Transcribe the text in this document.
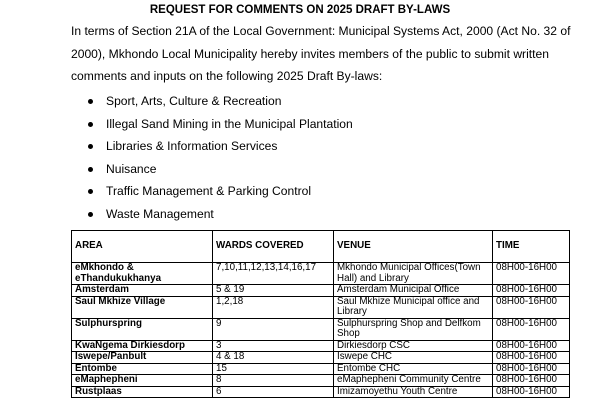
REQUEST FOR COMMENTS ON 2025 DRAFT BY-LAWS

In terms of Section 21A of the Local Government: Municipal Systems Act, 2000 (Act No. 32 of 2000), Mkhondo Local Municipality hereby invites members of the public to submit written comments and inputs on the following 2025 Draft By-laws:

Sport, Arts, Culture & Recreation
Illegal Sand Mining in the Municipal Plantation
Libraries & Information Services
Nuisance
Traffic Management & Parking Control
Waste Management
AREA	WARDS COVERED	VENUE	TIME
eMkhondo & eThandukukhanya	7,10,11,12,13,14,16,17	Mkhondo Municipal Offices(Town Hall) and Library	08H00-16H00
Amsterdam	5 & 19	Amsterdam Municipal Office	08H00-16H00
Saul Mkhize Village	1,2,18	Saul Mkhize Municipal office and Library	08H00-16H00
Sulphurspring	9	Sulphurspring Shop and Delfkom Shop	08H00-16H00
KwaNgema Dirkiesdorp	3	Dirkiesdorp CSC	08H00-16H00
Iswepe/Panbult	4 & 18	Iswepe CHC	08H00-16H00
Entombe	15	Entombe CHC	08H00-16H00
eMaphepheni	8	eMaphepheni Community Centre	08H00-16H00
Rustplaas	6	Imizamoyethu Youth Centre	08H00-16H00
